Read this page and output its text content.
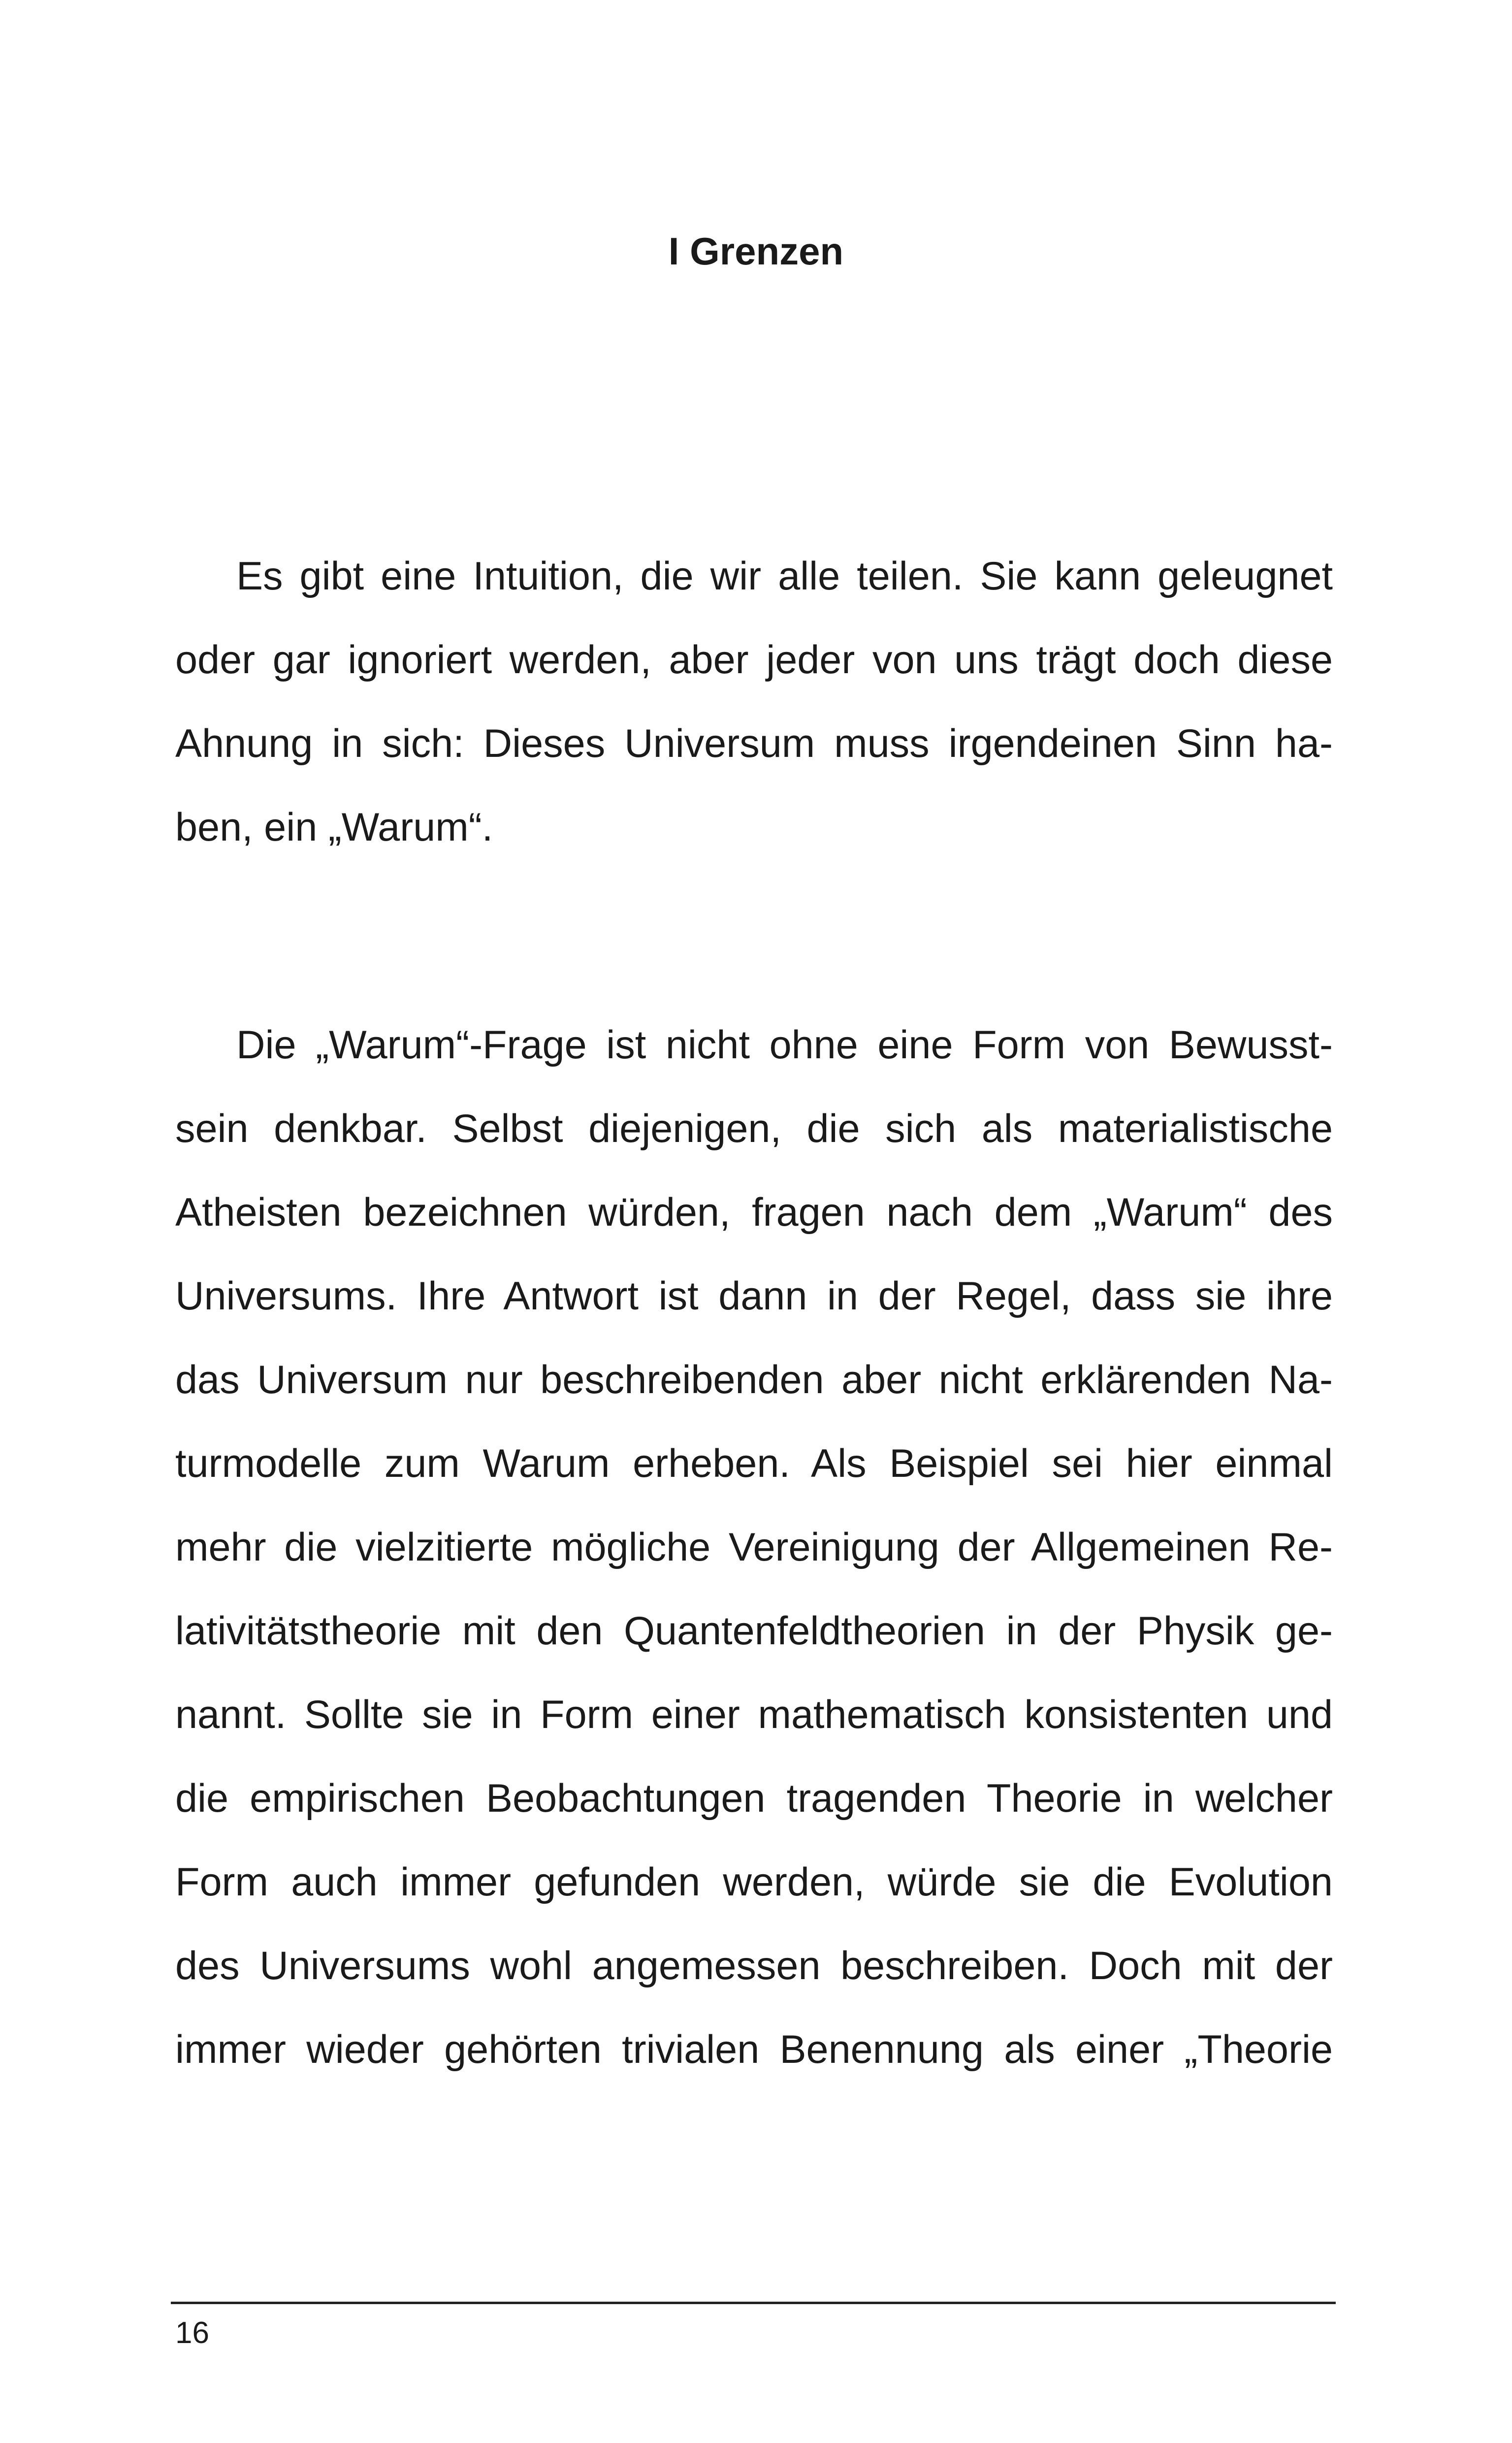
I Grenzen
Es gibt eine Intuition, die wir alle teilen. Sie kann geleugnet
oder gar ignoriert werden, aber jeder von uns trägt doch diese
Ahnung in sich: Dieses Universum muss irgendeinen Sinn ha-
ben, ein „Warum“.
Die „Warum“-Frage ist nicht ohne eine Form von Bewusst-
sein denkbar. Selbst diejenigen, die sich als materialistische
Atheisten bezeichnen würden, fragen nach dem „Warum“ des
Universums. Ihre Antwort ist dann in der Regel, dass sie ihre
das Universum nur beschreibenden aber nicht erklärenden Na-
turmodelle zum Warum erheben. Als Beispiel sei hier einmal
mehr die vielzitierte mögliche Vereinigung der Allgemeinen Re-
lativitätstheorie mit den Quantenfeldtheorien in der Physik ge-
nannt. Sollte sie in Form einer mathematisch konsistenten und
die empirischen Beobachtungen tragenden Theorie in welcher
Form auch immer gefunden werden, würde sie die Evolution
des Universums wohl angemessen beschreiben. Doch mit der
immer wieder gehörten trivialen Benennung als einer „Theorie

16
